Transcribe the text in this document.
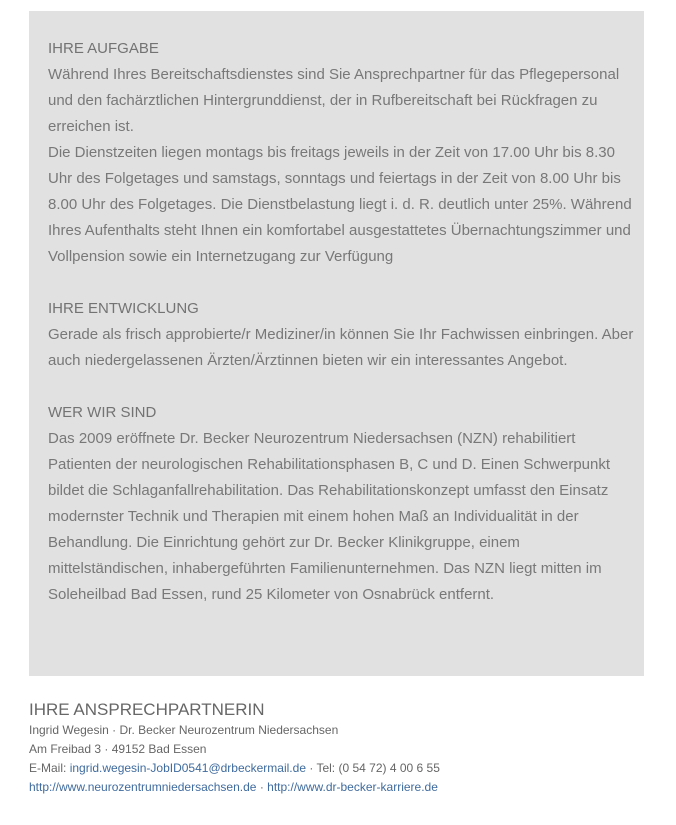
IHRE AUFGABE

Während Ihres Bereitschaftsdienstes sind Sie Ansprechpartner für das Pflegepersonal und den fachärztlichen Hintergrunddienst, der in Rufbereitschaft bei Rückfragen zu erreichen ist.

Die Dienstzeiten liegen montags bis freitags jeweils in der Zeit von 17.00 Uhr bis 8.30 Uhr des Folgetages und samstags, sonntags und feiertags in der Zeit von 8.00 Uhr bis 8.00 Uhr des Folgetages. Die Dienstbelastung liegt i. d. R. deutlich unter 25%. Während Ihres Aufenthalts steht Ihnen ein komfortabel ausgestattetes Übernachtungszimmer und Vollpension sowie ein Internetzugang zur Verfügung

IHRE ENTWICKLUNG

Gerade als frisch approbierte/r Mediziner/in können Sie Ihr Fachwissen einbringen. Aber auch niedergelassenen Ärzten/Ärztinnen bieten wir ein interessantes Angebot.

WER WIR SIND

Das 2009 eröffnete Dr. Becker Neurozentrum Niedersachsen (NZN) rehabilitiert Patienten der neurologischen Rehabilitationsphasen B, C und D. Einen Schwerpunkt bildet die Schlaganfallrehabilitation. Das Rehabilitationskonzept umfasst den Einsatz modernster Technik und Therapien mit einem hohen Maß an Individualität in der Behandlung. Die Einrichtung gehört zur Dr. Becker Klinikgruppe, einem mittelständischen, inhabergeführten Familienunternehmen. Das NZN liegt mitten im Soleheilbad Bad Essen, rund 25 Kilometer von Osnabrück entfernt.

IHRE ANSPRECHPARTNERIN
Ingrid Wegesin · Dr. Becker Neurozentrum Niedersachsen
Am Freibad 3 · 49152 Bad Essen
E-Mail: ingrid.wegesin-JobID0541@drbeckermail.de · Tel: (0 54 72) 4 00 6 55
http://www.neurozentrumniedersachsen.de · http://www.dr-becker-karriere.de
